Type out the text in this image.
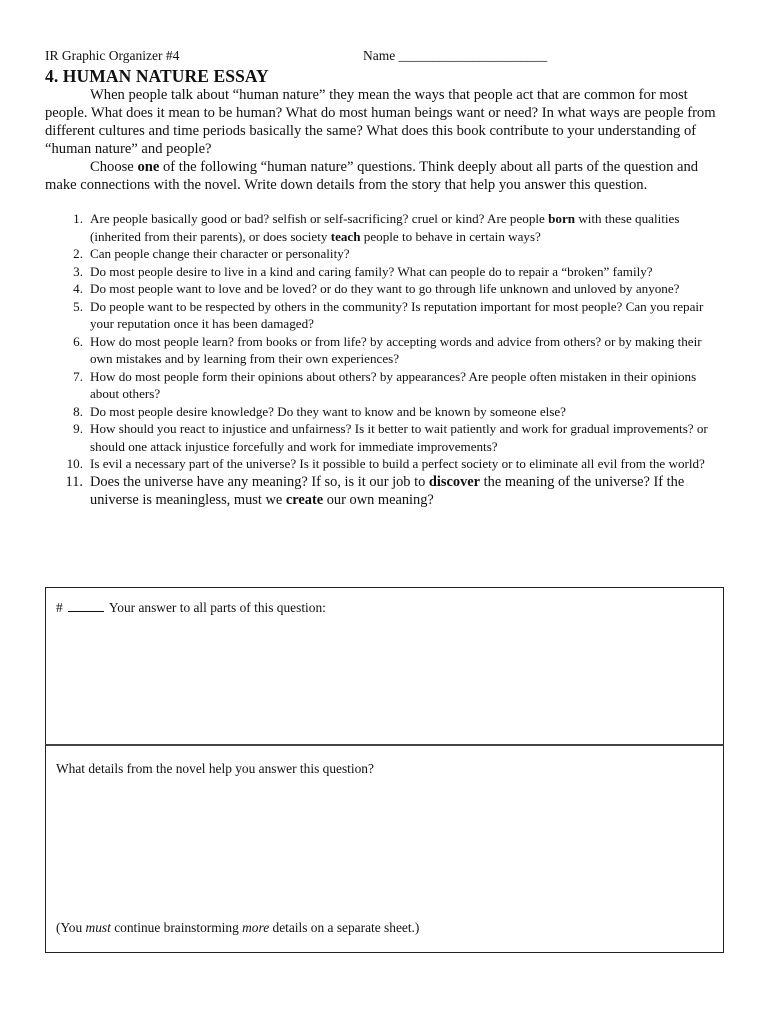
IR Graphic Organizer #4	Name ______________________
4. HUMAN NATURE ESSAY

When people talk about “human nature” they mean the ways that people act that are common for most people. What does it mean to be human? What do most human beings want or need? In what ways are people from different cultures and time periods basically the same? What does this book contribute to your understanding of “human nature” and people?

Choose one of the following “human nature” questions. Think deeply about all parts of the question and make connections with the novel. Write down details from the story that help you answer this question.

1. Are people basically good or bad? selfish or self-sacrificing? cruel or kind? Are people born with these qualities (inherited from their parents), or does society teach people to behave in certain ways?
2. Can people change their character or personality?
3. Do most people desire to live in a kind and caring family? What can people do to repair a “broken” family?
4. Do most people want to love and be loved? or do they want to go through life unknown and unloved by anyone?
5. Do people want to be respected by others in the community? Is reputation important for most people? Can you repair your reputation once it has been damaged?
6. How do most people learn? from books or from life? by accepting words and advice from others? or by making their own mistakes and by learning from their own experiences?
7. How do most people form their opinions about others? by appearances? Are people often mistaken in their opinions about others?
8. Do most people desire knowledge? Do they want to know and be known by someone else?
9. How should you react to injustice and unfairness? Is it better to wait patiently and work for gradual improvements? or should one attack injustice forcefully and work for immediate improvements?
10. Is evil a necessary part of the universe? Is it possible to build a perfect society or to eliminate all evil from the world?
11. Does the universe have any meaning? If so, is it our job to discover the meaning of the universe? If the universe is meaningless, must we create our own meaning?
#	Your answer to all parts of this question:
What details from the novel help you answer this question?
(You must continue brainstorming more details on a separate sheet.)
